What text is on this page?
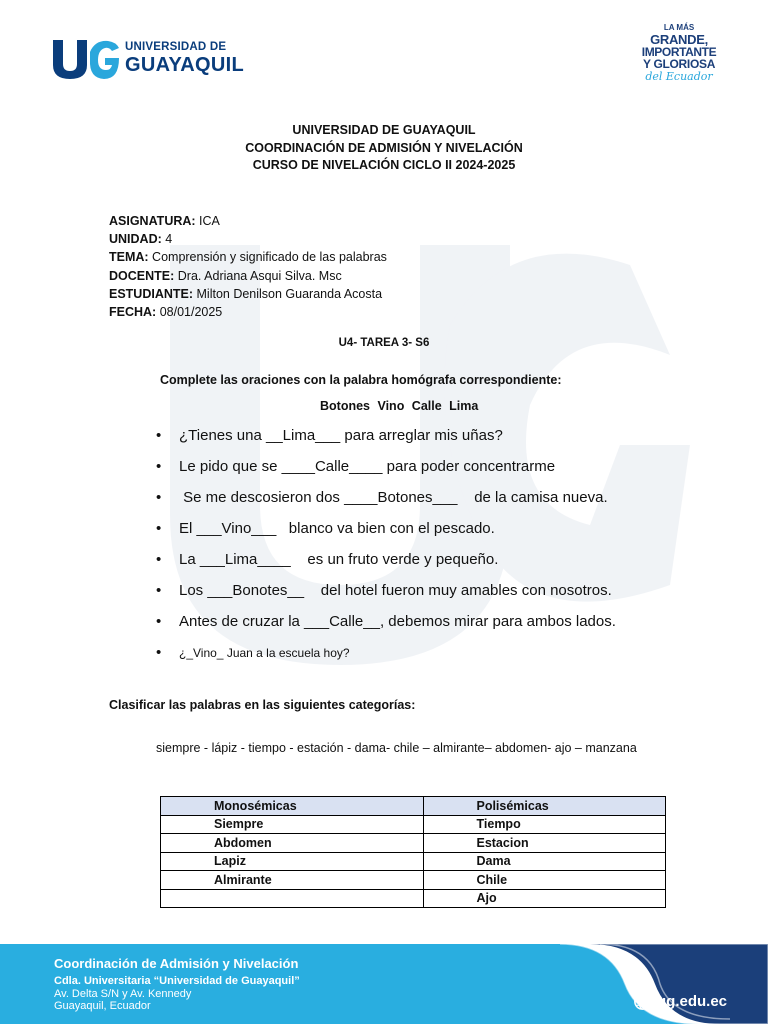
UNIVERSIDAD DE
GUAYAQUIL
LA MÁS
GRANDE,
IMPORTANTE
Y GLORIOSA
del Ecuador
UNIVERSIDAD DE GUAYAQUIL
COORDINACIÓN DE ADMISIÓN Y NIVELACIÓN
CURSO DE NIVELACIÓN CICLO II 2024-2025
ASIGNATURA: ICA
UNIDAD: 4
TEMA: Comprensión y significado de las palabras
DOCENTE: Dra. Adriana Asqui Silva. Msc
ESTUDIANTE: Milton Denilson Guaranda Acosta
FECHA: 08/01/2025
U4- TAREA 3- S6
Complete las oraciones con la palabra homógrafa correspondiente:
Botones Vino Calle Lima
• ¿Tienes una __Lima___ para arreglar mis uñas?
• Le pido que se ____Calle____ para poder concentrarme
•  Se me descosieron dos ____Botones___    de la camisa nueva.
• El ___Vino___   blanco va bien con el pescado.
• La ___Lima____    es un fruto verde y pequeño.
• Los ___Bonotes__    del hotel fueron muy amables con nosotros.
• Antes de cruzar la ___Calle__, debemos mirar para ambos lados.
• ¿_Vino_ Juan a la escuela hoy?
Clasificar las palabras en las siguientes categorías:
siempre - lápiz - tiempo - estación - dama- chile – almirante– abdomen- ajo – manzana
Monosémicas	Polisémicas
Siempre	Tiempo
Abdomen	Estacion
Lapiz	Dama
Almirante	Chile
	Ajo
Coordinación de Admisión y Nivelación
Cdla. Universitaria “Universidad de Guayaquil”
Av. Delta S/N y Av. Kennedy
Guayaquil, Ecuador	ug.edu.ec
